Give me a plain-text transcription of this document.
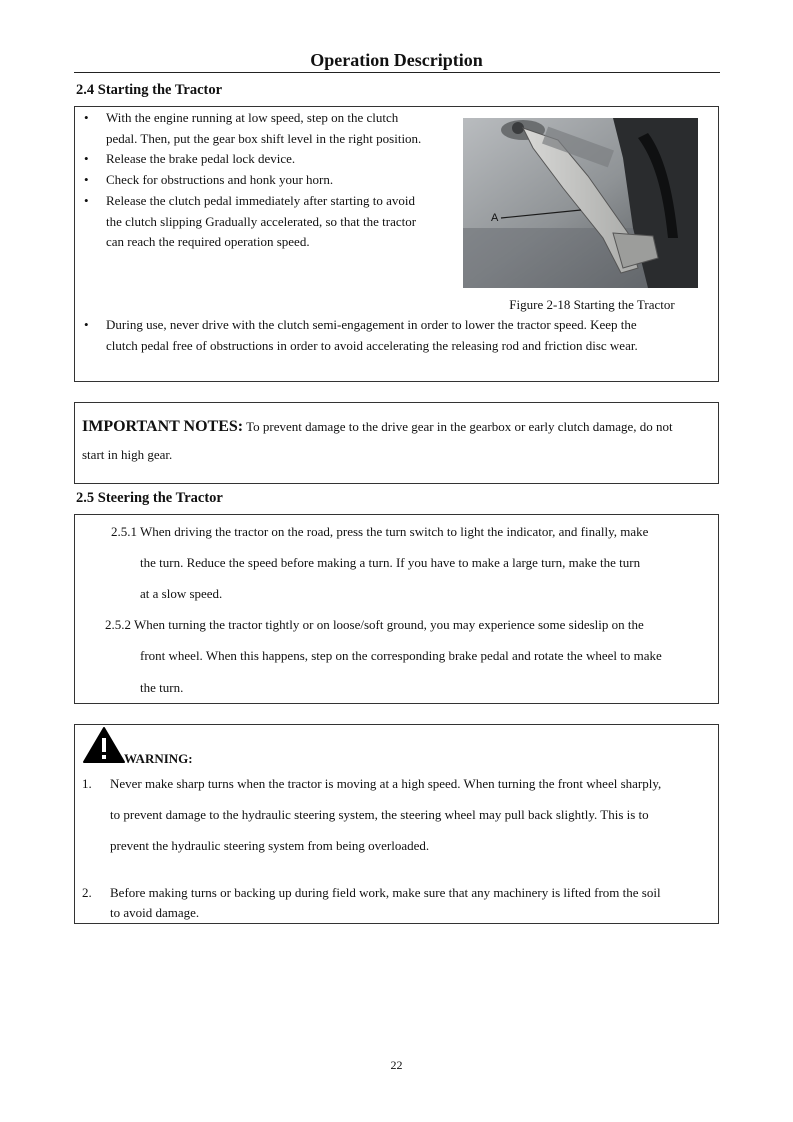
Operation Description
2.4 Starting the Tractor
• With the engine running at low speed, step on the clutch
pedal. Then, put the gear box shift level in the right position.
• Release the brake pedal lock device.
• Check for obstructions and honk your horn.
• Release the clutch pedal immediately after starting to avoid
the clutch slipping Gradually accelerated, so that the tractor
can reach the required operation speed.
A
Figure 2-18 Starting the Tractor
• During use, never drive with the clutch semi-engagement in order to lower the tractor speed. Keep the
clutch pedal free of obstructions in order to avoid accelerating the releasing rod and friction disc wear.
IMPORTANT NOTES: To prevent damage to the drive gear in the gearbox or early clutch damage, do not
start in high gear.
2.5 Steering the Tractor
2.5.1 When driving the tractor on the road, press the turn switch to light the indicator, and finally, make
the turn. Reduce the speed before making a turn. If you have to make a large turn, make the turn
at a slow speed.
2.5.2 When turning the tractor tightly or on loose/soft ground, you may experience some sideslip on the
front wheel. When this happens, step on the corresponding brake pedal and rotate the wheel to make
the turn.
WARNING:
1. Never make sharp turns when the tractor is moving at a high speed. When turning the front wheel sharply,
to prevent damage to the hydraulic steering system, the steering wheel may pull back slightly. This is to
prevent the hydraulic steering system from being overloaded.
2. Before making turns or backing up during field work, make sure that any machinery is lifted from the soil
to avoid damage.
22
